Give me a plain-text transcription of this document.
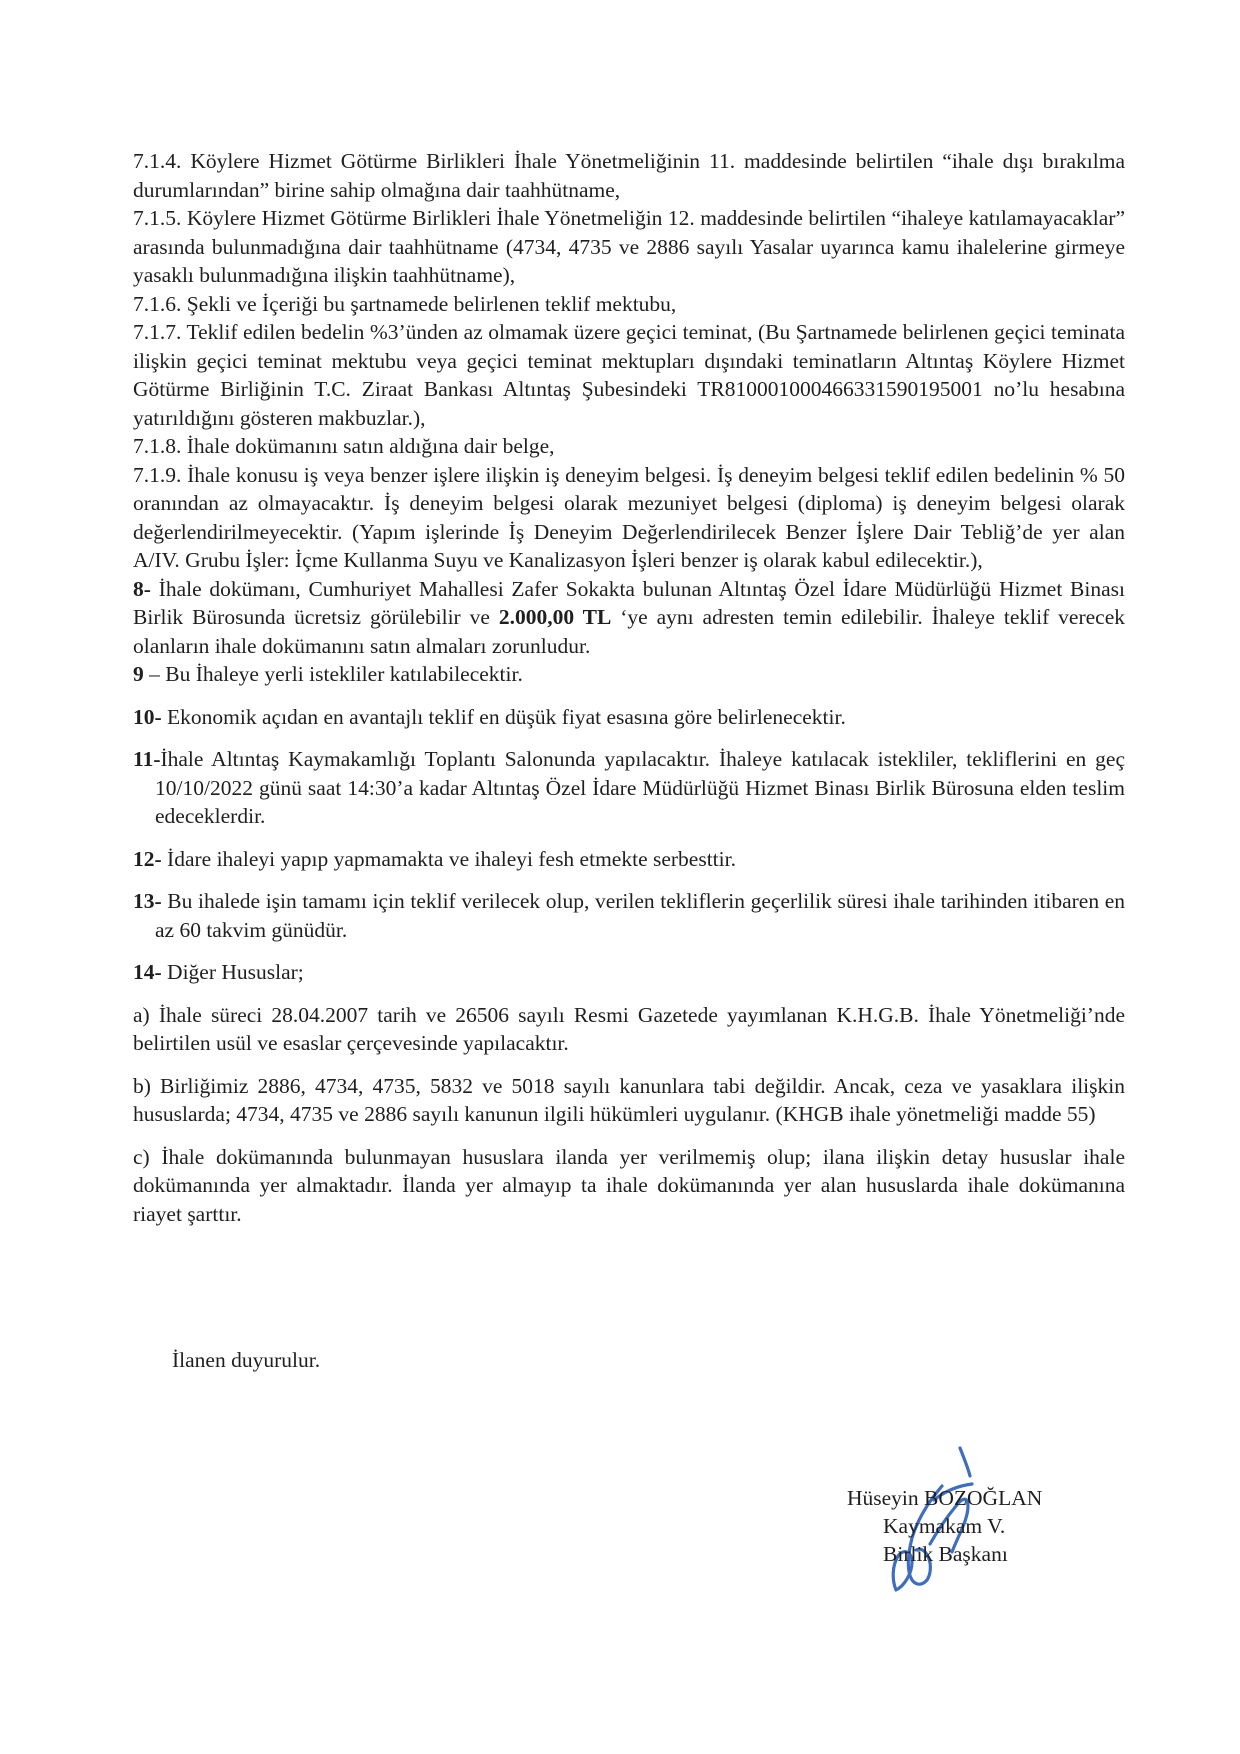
7.1.4. Köylere Hizmet Götürme Birlikleri İhale Yönetmeliğinin 11. maddesinde belirtilen “ihale dışı bırakılma durumlarından” birine sahip olmağına dair taahhütname,

7.1.5. Köylere Hizmet Götürme Birlikleri İhale Yönetmeliğin 12. maddesinde belirtilen “ihaleye katılamayacaklar” arasında bulunmadığına dair taahhütname (4734, 4735 ve 2886 sayılı Yasalar uyarınca kamu ihalelerine girmeye yasaklı bulunmadığına ilişkin taahhütname),

7.1.6. Şekli ve İçeriği bu şartnamede belirlenen teklif mektubu,

7.1.7. Teklif edilen bedelin %3’ünden az olmamak üzere geçici teminat, (Bu Şartnamede belirlenen geçici teminata ilişkin geçici teminat mektubu veya geçici teminat mektupları dışındaki teminatların Altıntaş Köylere Hizmet Götürme Birliğinin T.C. Ziraat Bankası Altıntaş Şubesindeki TR810001000466331590195001 no’lu hesabına yatırıldığını gösteren makbuzlar.),

7.1.8. İhale dokümanını satın aldığına dair belge,

7.1.9. İhale konusu iş veya benzer işlere ilişkin iş deneyim belgesi. İş deneyim belgesi teklif edilen bedelinin % 50 oranından az olmayacaktır. İş deneyim belgesi olarak mezuniyet belgesi (diploma) iş deneyim belgesi olarak değerlendirilmeyecektir. (Yapım işlerinde İş Deneyim Değerlendirilecek Benzer İşlere Dair Tebliğ’de yer alan A/IV. Grubu İşler: İçme Kullanma Suyu ve Kanalizasyon İşleri benzer iş olarak kabul edilecektir.),

8- İhale dokümanı, Cumhuriyet Mahallesi Zafer Sokakta bulunan Altıntaş Özel İdare Müdürlüğü Hizmet Binası Birlik Bürosunda ücretsiz görülebilir ve 2.000,00 TL ‘ye aynı adresten temin edilebilir. İhaleye teklif verecek olanların ihale dokümanını satın almaları zorunludur.

9 – Bu İhaleye yerli istekliler katılabilecektir.

10- Ekonomik açıdan en avantajlı teklif en düşük fiyat esasına göre belirlenecektir.

11-İhale Altıntaş Kaymakamlığı Toplantı Salonunda yapılacaktır. İhaleye katılacak istekliler, tekliflerini en geç 10/10/2022 günü saat 14:30’a kadar Altıntaş Özel İdare Müdürlüğü Hizmet Binası Birlik Bürosuna elden teslim edeceklerdir.

12- İdare ihaleyi yapıp yapmamakta ve ihaleyi fesh etmekte serbesttir.

13- Bu ihalede işin tamamı için teklif verilecek olup, verilen tekliflerin geçerlilik süresi ihale tarihinden itibaren en az 60 takvim günüdür.

14- Diğer Hususlar;

a) İhale süreci 28.04.2007 tarih ve 26506 sayılı Resmi Gazetede yayımlanan K.H.G.B. İhale Yönetmeliği’nde belirtilen usül ve esaslar çerçevesinde yapılacaktır.

b) Birliğimiz 2886, 4734, 4735, 5832 ve 5018 sayılı kanunlara tabi değildir. Ancak, ceza ve yasaklara ilişkin hususlarda; 4734, 4735 ve 2886 sayılı kanunun ilgili hükümleri uygulanır. (KHGB ihale yönetmeliği madde 55)

c) İhale dokümanında bulunmayan hususlara ilanda yer verilmemiş olup; ilana ilişkin detay hususlar ihale dokümanında yer almaktadır. İlanda yer almayıp ta ihale dokümanında yer alan hususlarda ihale dokümanına riayet şarttır.

İlanen duyurulur.
Hüseyin BOZOĞLAN
Kaymakam V.
Birlik Başkanı
